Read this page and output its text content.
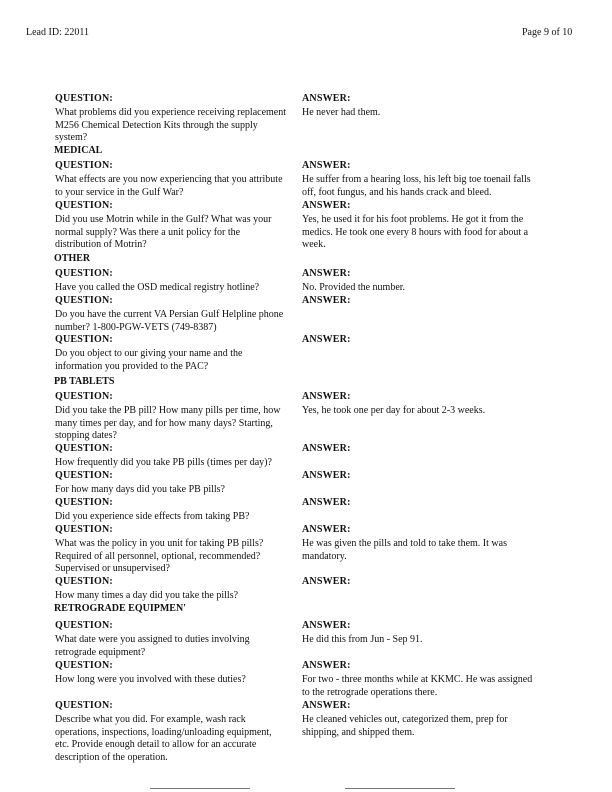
Lead ID: 22011	Page 9 of 10
QUESTION:
What problems did you experience receiving replacement M256 Chemical Detection Kits through the supply system?
ANSWER:
He never had them.
MEDICAL
QUESTION:
What effects are you now experiencing that you attribute to your service in the Gulf War?
ANSWER:
He suffer from a hearing loss, his left big toe toenail falls off, foot fungus, and his hands crack and bleed.
QUESTION:
Did you use Motrin while in the Gulf? What was your normal supply? Was there a unit policy for the distribution of Motrin?
ANSWER:
Yes, he used it for his foot problems. He got it from the medics. He took one every 8 hours with food for about a week.
OTHER
QUESTION:
Have you called the OSD medical registry hotline?
ANSWER:
No. Provided the number.
QUESTION:
Do you have the current VA Persian Gulf Helpline phone number? 1-800-PGW-VETS (749-8387)
ANSWER:
QUESTION:
Do you object to our giving your name and the information you provided to the PAC?
ANSWER:
PB TABLETS
QUESTION:
Did you take the PB pill? How many pills per time, how many times per day, and for how many days? Starting, stopping dates?
ANSWER:
Yes, he took one per day for about 2-3 weeks.
QUESTION:
How frequently did you take PB pills (times per day)?
ANSWER:
QUESTION:
For how many days did you take PB pills?
ANSWER:
QUESTION:
Did you experience side effects from taking PB?
ANSWER:
QUESTION:
What was the policy in you unit for taking PB pills? Required of all personnel, optional, recommended? Supervised or unsupervised?
ANSWER:
He was given the pills and told to take them. It was mandatory.
QUESTION:
How many times a day did you take the pills?
ANSWER:
RETROGRADE EQUIPMEN'
QUESTION:
What date were you assigned to duties involving retrograde equipment?
ANSWER:
He did this from Jun - Sep 91.
QUESTION:
How long were you involved with these duties?
ANSWER:
For two - three months while at KKMC. He was assigned to the retrograde operations there.
QUESTION:
Describe what you did. For example, wash rack operations, inspections, loading/unloading equipment, etc. Provide enough detail to allow for an accurate description of the operation.
ANSWER:
He cleaned vehicles out, categorized them, prep for shipping, and shipped them.
